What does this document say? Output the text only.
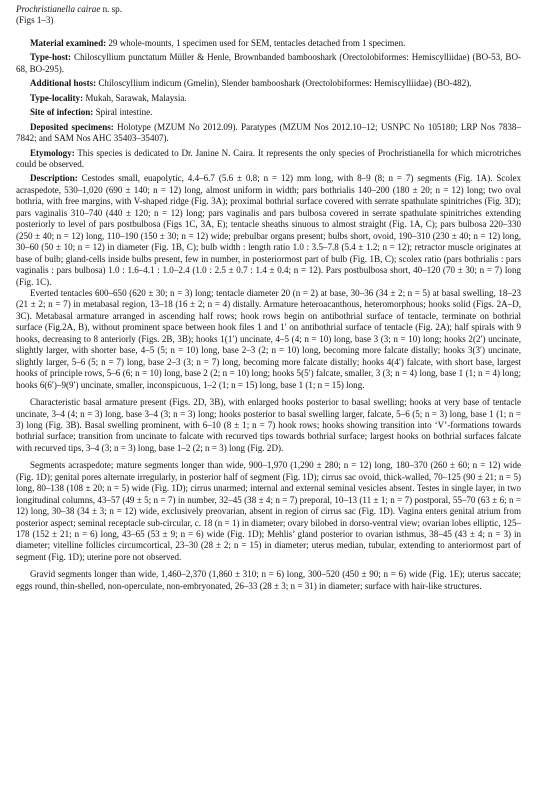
Prochristianella cairae n. sp.
(Figs 1–3)

Material examined: 29 whole-mounts, 1 specimen used for SEM, tentacles detached from 1 specimen.

Type-host: Chiloscyllium punctatum Müller & Henle, Brownbanded bambooshark (Orectolobiformes: Hemiscylliidae) (BO-53, BO-68, BO-295).

Additional hosts: Chiloscyllium indicum (Gmelin), Slender bambooshark (Orectolobiformes: Hemiscylliidae) (BO-482).

Type-locality: Mukah, Sarawak, Malaysia.

Site of infection: Spiral intestine.

Deposited specimens: Holotype (MZUM No 2012.09). Paratypes (MZUM Nos 2012.10–12; USNPC No 105180; LRP Nos 7838–7842; and SAM Nos AHC 35403–35407).

Etymology: This species is dedicated to Dr. Janine N. Caira. It represents the only species of Prochristianella for which microtriches could be observed.

Description: Cestodes small, euapolytic, 4.4–6.7 (5.6 ± 0.8; n = 12) mm long, with 8–9 (8; n = 7) segments (Fig. 1A). Scolex acraspedote, 530–1,020 (690 ± 140; n = 12) long, almost uniform in width; pars bothrialis 140–200 (180 ± 20; n = 12) long; two oval bothria, with free margins, with V-shaped ridge (Fig. 3A); proximal bothrial surface covered with serrate spathulate spinitriches (Fig. 3D); pars vaginalis 310–740 (440 ± 120; n = 12) long; pars vaginalis and pars bulbosa covered in serrate spathulate spinitriches extending posteriorly to level of pars postbulbosa (Figs 1C, 3A, E); tentacle sheaths sinuous to almost straight (Fig. 1A, C); pars bulbosa 220–330 (250 ± 40; n = 12) long, 110–190 (150 ± 30; n = 12) wide; prebulbar organs present; bulbs short, ovoid, 190–310 (230 ± 40; n = 12) long, 30–60 (50 ± 10; n = 12) in diameter (Fig. 1B, C); bulb width : length ratio 1.0 : 3.5–7.8 (5.4 ± 1.2; n = 12); retractor muscle originates at base of bulb; gland-cells inside bulbs present, few in number, in posteriormost part of bulb (Fig. 1B, C); scolex ratio (pars bothrialis : pars vaginalis : pars bulbosa) 1.0 : 1.6–4.1 : 1.0–2.4 (1.0 : 2.5 ± 0.7 : 1.4 ± 0.4; n = 12). Pars postbulbosa short, 40–120 (70 ± 30; n = 7) long (Fig. 1C).

Everted tentacles 600–650 (620 ± 30; n = 3) long; tentacle diameter 20 (n = 2) at base, 30–36 (34 ± 2; n = 5) at basal swelling, 18–23 (21 ± 2; n = 7) in metabasal region, 13–18 (16 ± 2; n = 4) distally. Armature heteroacanthous, heteromorphous; hooks solid (Figs. 2A–D, 3C). Metabasal armature arranged in ascending half rows; hook rows begin on antibothrial surface of tentacle, terminate on bothrial surface (Fig.2A, B), without prominent space between hook files 1 and 1′ on antibothrial surface of tentacle (Fig. 2A); half spirals with 9 hooks, decreasing to 8 anteriorly (Figs. 2B, 3B); hooks 1(1′) uncinate, 4–5 (4; n = 10) long, base 3 (3; n = 10) long; hooks 2(2′) uncinate, slightly larger, with shorter base, 4–5 (5; n = 10) long, base 2–3 (2; n = 10) long, becoming more falcate distally; hooks 3(3′) uncinate, slightly larger, 5–6 (5; n = 7) long, base 2–3 (3; n = 7) long, becoming more falcate distally; hooks 4(4′) falcate, with short base, largest hooks of principle rows, 5–6 (6; n = 10) long, base 2 (2; n = 10) long; hooks 5(5′) falcate, smaller, 3 (3; n = 4) long, base 1 (1; n = 4) long; hooks 6(6′)–9(9′) uncinate, smaller, inconspicuous, 1–2 (1; n = 15) long, base 1 (1; n = 15) long.

Characteristic basal armature present (Figs. 2D, 3B), with enlarged hooks posterior to basal swelling; hooks at very base of tentacle uncinate, 3–4 (4; n = 3) long, base 3–4 (3; n = 3) long; hooks posterior to basal swelling larger, falcate, 5–6 (5; n = 3) long, base 1 (1; n = 3) long (Fig. 3B). Basal swelling prominent, with 6–10 (8 ± 1; n = 7) hook rows; hooks showing transition into ‘V’-formations towards bothrial surface; transition from uncinate to falcate with recurved tips towards bothrial surface; largest hooks on bothrial surfaces falcate with recurved tips, 3–4 (3; n = 3) long, base 1–2 (2; n = 3) long (Fig. 2D).

Segments acraspedote; mature segments longer than wide, 900–1,970 (1,290 ± 280; n = 12) long, 180–370 (260 ± 60; n = 12) wide (Fig. 1D); genital pores alternate irregularly, in posterior half of segment (Fig. 1D); cirrus sac ovoid, thick-walled, 70–125 (90 ± 21; n = 5) long, 80–138 (108 ± 20; n = 5) wide (Fig. 1D); cirrus unarmed; internal and external seminal vesicles absent. Testes in single layer, in two longitudinal columns, 43–57 (49 ± 5; n = 7) in number, 32–45 (38 ± 4; n = 7) preporal, 10–13 (11 ± 1; n = 7) postporal, 55–70 (63 ± 6; n = 12) long, 30–38 (34 ± 3; n = 12) wide, exclusively preovarian, absent in region of cirrus sac (Fig. 1D). Vagina enters genital atrium from posterior aspect; seminal receptacle sub-circular, c. 18 (n = 1) in diameter; ovary bilobed in dorso-ventral view; ovarian lobes elliptic, 125–178 (152 ± 21; n = 6) long, 43–65 (53 ± 9; n = 6) wide (Fig. 1D); Mehlis’ gland posterior to ovarian isthmus, 38–45 (43 ± 4; n = 3) in diameter; vitelline follicles circumcortical, 23–30 (28 ± 2; n = 15) in diameter; uterus median, tubular, extending to anteriormost part of segment (Fig. 1D); uterine pore not observed.

Gravid segments longer than wide, 1,460–2,370 (1,860 ± 310; n = 6) long, 300–520 (450 ± 90; n = 6) wide (Fig. 1E); uterus saccate; eggs round, thin-shelled, non-operculate, non-embryonated, 26–33 (28 ± 3; n = 31) in diameter; surface with hair-like structures.
